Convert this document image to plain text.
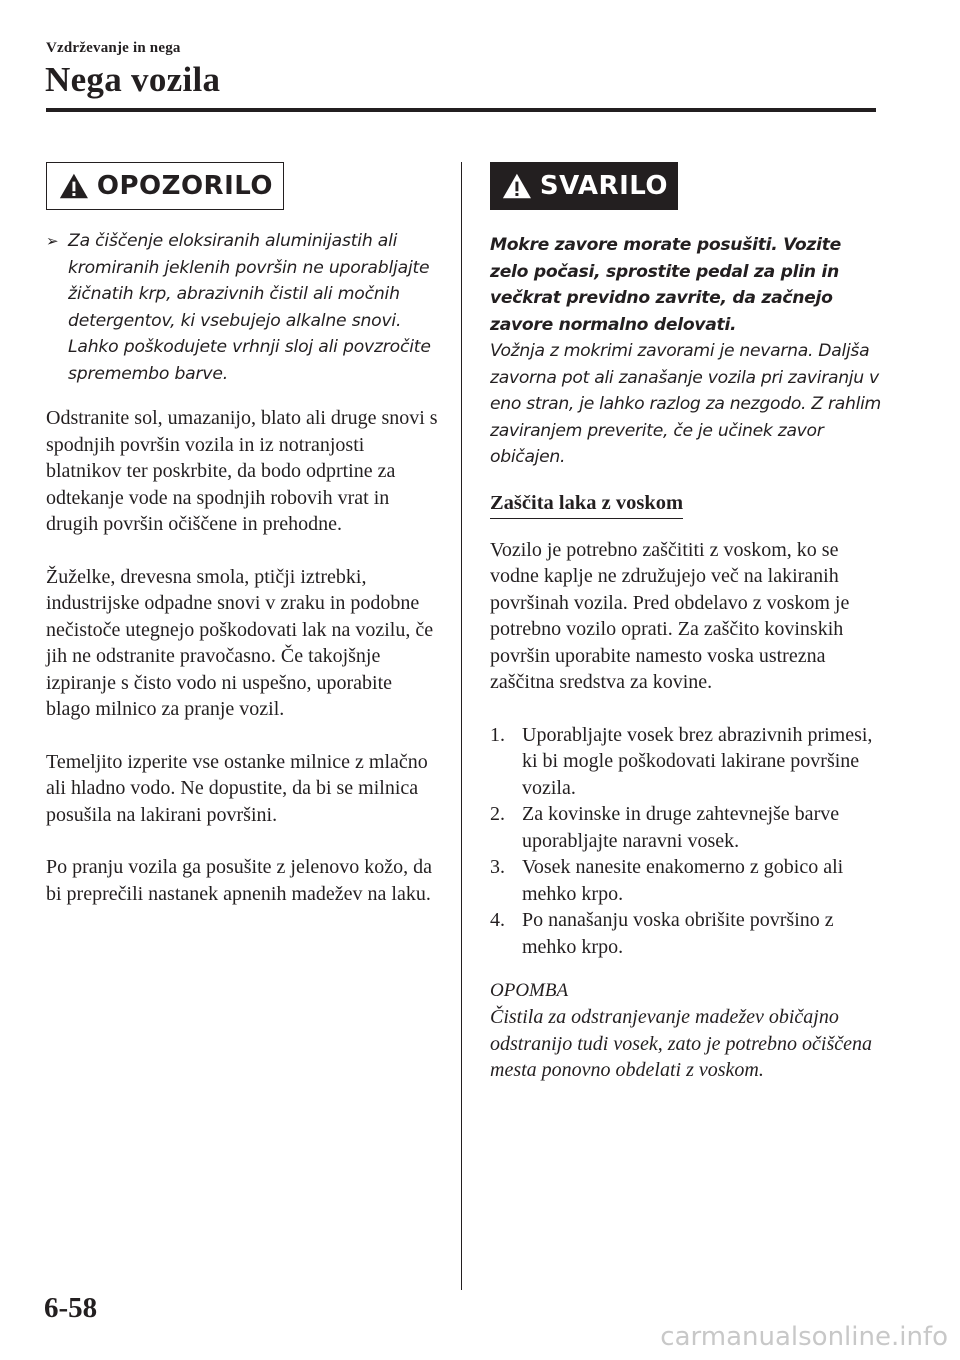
Vzdrževanje in nega
Nega vozila
OPOZORILO
➢ Za čiščenje eloksiranih aluminijastih ali kromiranih jeklenih površin ne uporabljajte žičnatih krp, abrazivnih čistil ali močnih detergentov, ki vsebujejo alkalne snovi. Lahko poškodujete vrhnji sloj ali povzročite spremembo barve.

Odstranite sol, umazanijo, blato ali druge snovi s spodnjih površin vozila in iz notranjosti blatnikov ter poskrbite, da bodo odprtine za odtekanje vode na spodnjih robovih vrat in drugih površin očiščene in prehodne.

Žuželke, drevesna smola, ptičji iztrebki, industrijske odpadne snovi v zraku in podobne nečistoče utegnejo poškodovati lak na vozilu, če jih ne odstranite pravočasno. Če takojšnje izpiranje s čisto vodo ni uspešno, uporabite blago milnico za pranje vozil.

Temeljito izperite vse ostanke milnice z mlačno ali hladno vodo. Ne dopustite, da bi se milnica posušila na lakirani površini.

Po pranju vozila ga posušite z jelenovo kožo, da bi preprečili nastanek apnenih madežev na laku.

SVARILO
Mokre zavore morate posušiti. Vozite zelo počasi, sprostite pedal za plin in večkrat previdno zavrite, da začnejo zavore normalno delovati.
Vožnja z mokrimi zavorami je nevarna. Daljša zavorna pot ali zanašanje vozila pri zaviranju v eno stran, je lahko razlog za nezgodo. Z rahlim zaviranjem preverite, če je učinek zavor običajen.
Zaščita laka z voskom
Vozilo je potrebno zaščititi z voskom, ko se vodne kaplje ne združujejo več na lakiranih površinah vozila. Pred obdelavo z voskom je potrebno vozilo oprati. Za zaščito kovinskih površin uporabite namesto voska ustrezna zaščitna sredstva za kovine.
1. Uporabljajte vosek brez abrazivnih primesi, ki bi mogle poškodovati lakirane površine vozila.
2. Za kovinske in druge zahtevnejše barve uporabljajte naravni vosek.
3. Vosek nanesite enakomerno z gobico ali mehko krpo.
4. Po nanašanju voska obrišite površino z mehko krpo.
OPOMBA
Čistila za odstranjevanje madežev običajno odstranijo tudi vosek, zato je potrebno očiščena mesta ponovno obdelati z voskom.
6-58
carmanualsonline.info
